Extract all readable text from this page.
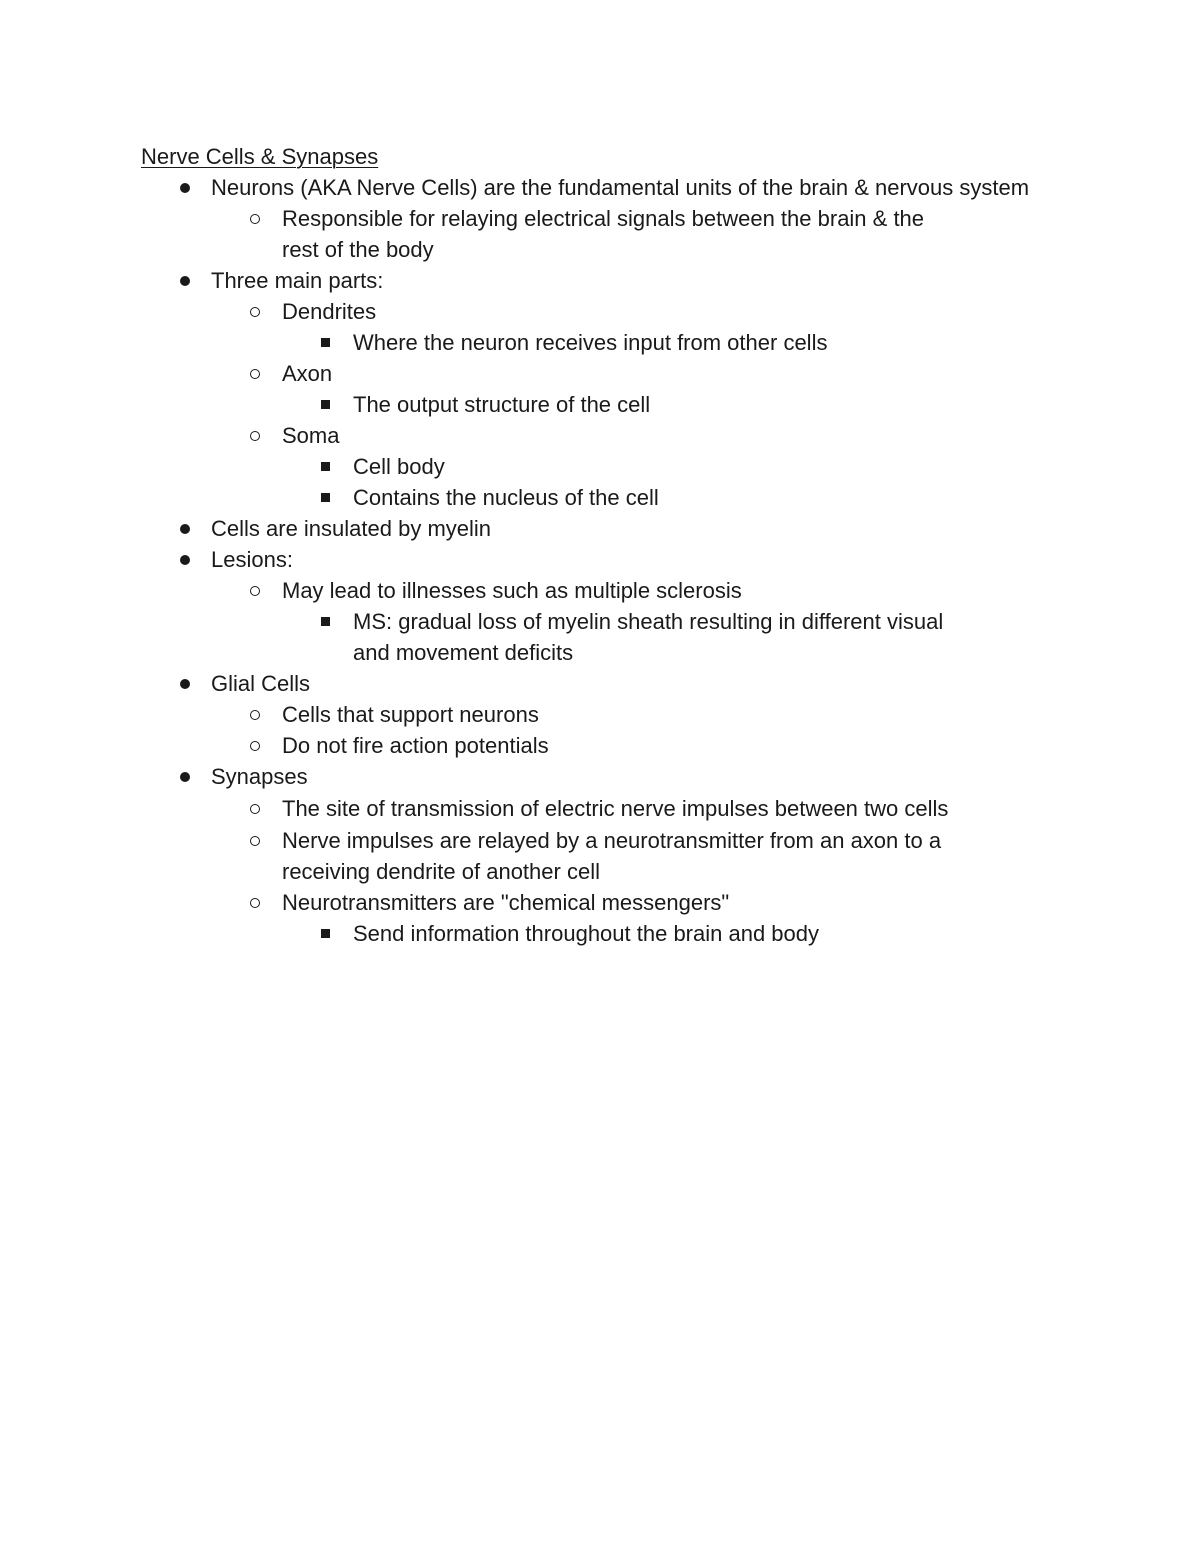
Nerve Cells & Synapses
Neurons (AKA Nerve Cells) are the fundamental units of the brain & nervous system
Responsible for relaying electrical signals between the brain & the
rest of the body
Three main parts:
Dendrites
Where the neuron receives input from other cells
Axon
The output structure of the cell
Soma
Cell body
Contains the nucleus of the cell
Cells are insulated by myelin
Lesions:
May lead to illnesses such as multiple sclerosis
MS: gradual loss of myelin sheath resulting in different visual
and movement deficits
Glial Cells
Cells that support neurons
Do not fire action potentials
Synapses
The site of transmission of electric nerve impulses between two cells
Nerve impulses are relayed by a neurotransmitter from an axon to a
receiving dendrite of another cell
Neurotransmitters are "chemical messengers"
Send information throughout the brain and body
